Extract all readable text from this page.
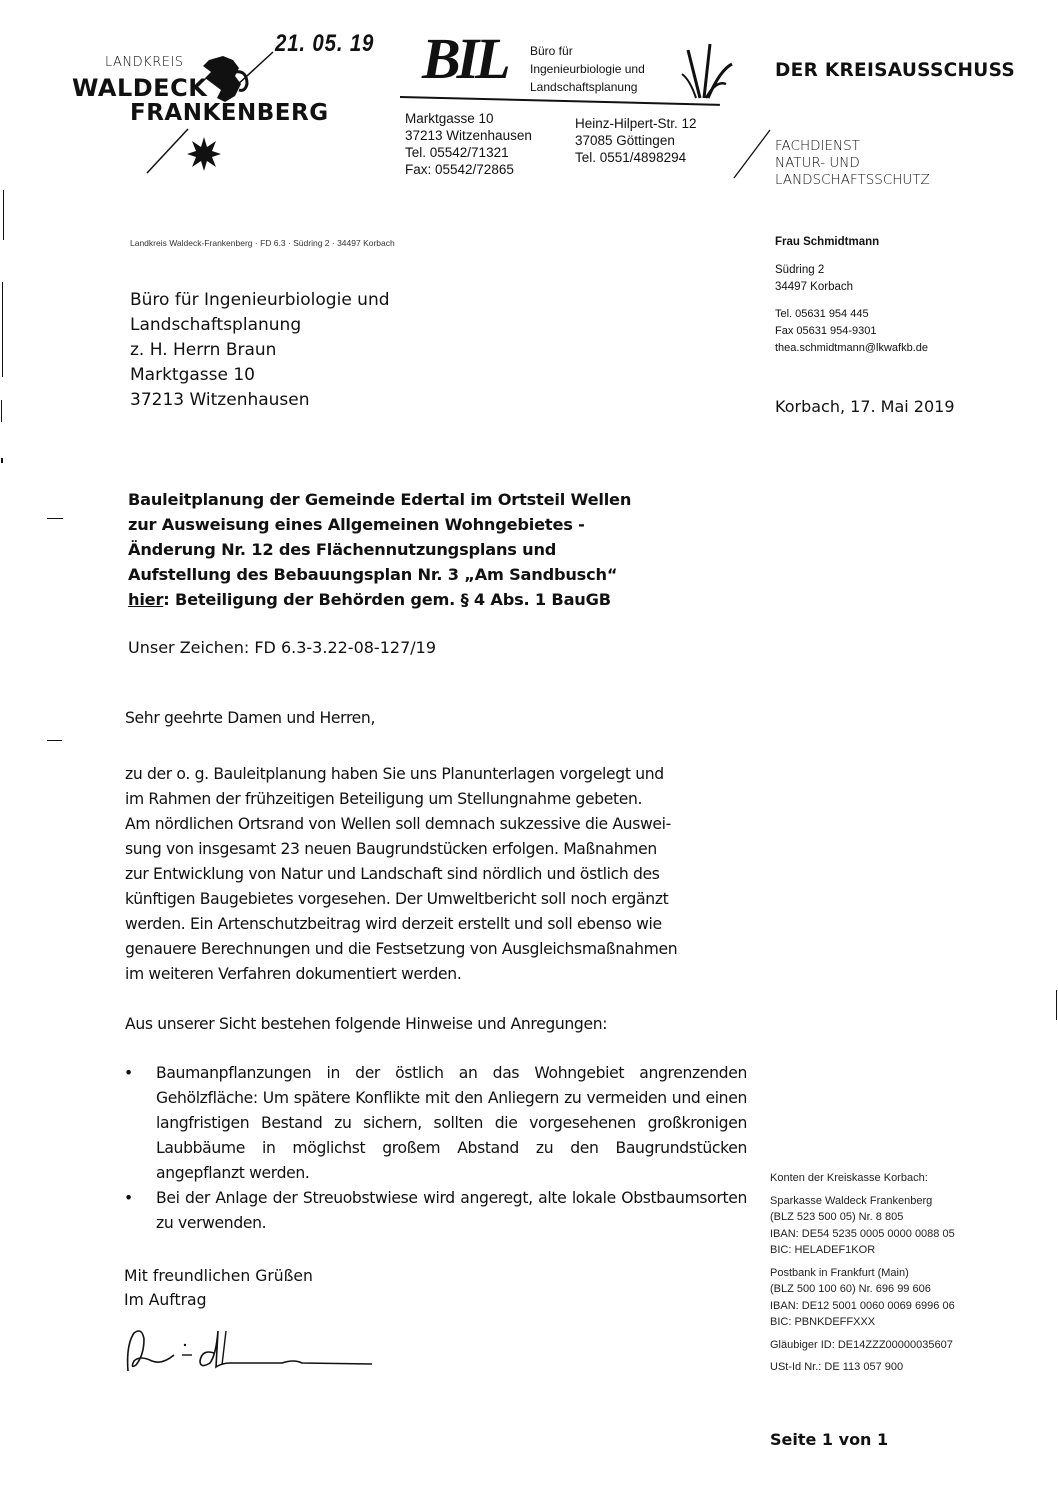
LANDKREIS
WALDECK
FRANKENBERG
21. 05. 19 BIL Büro für
Ingenieurbiologie und
Landschaftsplanung
Marktgasse 10
37213 Witzenhausen
Tel. 05542/71321
Fax: 05542/72865
Heinz-Hilpert-Str. 12
37085 Göttingen
Tel. 0551/4898294
DER KREISAUSSCHUSS
FACHDIENST
NATUR- UND
LANDSCHAFTSSCHUTZ
Landkreis Waldeck-Frankenberg · FD 6.3 · Südring 2 · 34497 Korbach
Büro für Ingenieurbiologie und
Landschaftsplanung
z. H. Herrn Braun
Marktgasse 10
37213 Witzenhausen
Frau Schmidtmann
Südring 2
34497 Korbach
Tel. 05631 954 445
Fax 05631 954-9301
thea.schmidtmann@lkwafkb.de
Korbach, 17. Mai 2019
Bauleitplanung der Gemeinde Edertal im Ortsteil Wellen
zur Ausweisung eines Allgemeinen Wohngebietes -
Änderung Nr. 12 des Flächennutzungsplans und
Aufstellung des Bebauungsplan Nr. 3 „Am Sandbusch“
hier: Beteiligung der Behörden gem. § 4 Abs. 1 BauGB
Unser Zeichen: FD 6.3-3.22-08-127/19
Sehr geehrte Damen und Herren,
zu der o. g. Bauleitplanung haben Sie uns Planunterlagen vorgelegt und
im Rahmen der frühzeitigen Beteiligung um Stellungnahme gebeten.
Am nördlichen Ortsrand von Wellen soll demnach sukzessive die Auswei-
sung von insgesamt 23 neuen Baugrundstücken erfolgen. Maßnahmen
zur Entwicklung von Natur und Landschaft sind nördlich und östlich des
künftigen Baugebietes vorgesehen. Der Umweltbericht soll noch ergänzt
werden. Ein Artenschutzbeitrag wird derzeit erstellt und soll ebenso wie
genauere Berechnungen und die Festsetzung von Ausgleichsmaßnahmen
im weiteren Verfahren dokumentiert werden.
Aus unserer Sicht bestehen folgende Hinweise und Anregungen:
• Baumanpflanzungen in der östlich an das Wohngebiet angrenzenden Gehölzfläche: Um spätere Konflikte mit den Anliegern zu vermeiden und einen langfristigen Bestand zu sichern, sollten die vorgesehenen großkronigen Laubbäume in möglichst großem Abstand zu den Baugrundstücken angepflanzt werden.
• Bei der Anlage der Streuobstwiese wird angeregt, alte lokale Obstbaumsorten zu verwenden.
Mit freundlichen Grüßen
Im Auftrag
Konten der Kreiskasse Korbach:
Sparkasse Waldeck Frankenberg
(BLZ 523 500 05) Nr. 8 805
IBAN: DE54 5235 0005 0000 0088 05
BIC: HELADEF1KOR
Postbank in Frankfurt (Main)
(BLZ 500 100 60) Nr. 696 99 606
IBAN: DE12 5001 0060 0069 6996 06
BIC: PBNKDEFFXXX
Gläubiger ID: DE14ZZZ00000035607
USt-Id Nr.: DE 113 057 900
Seite 1 von 1
